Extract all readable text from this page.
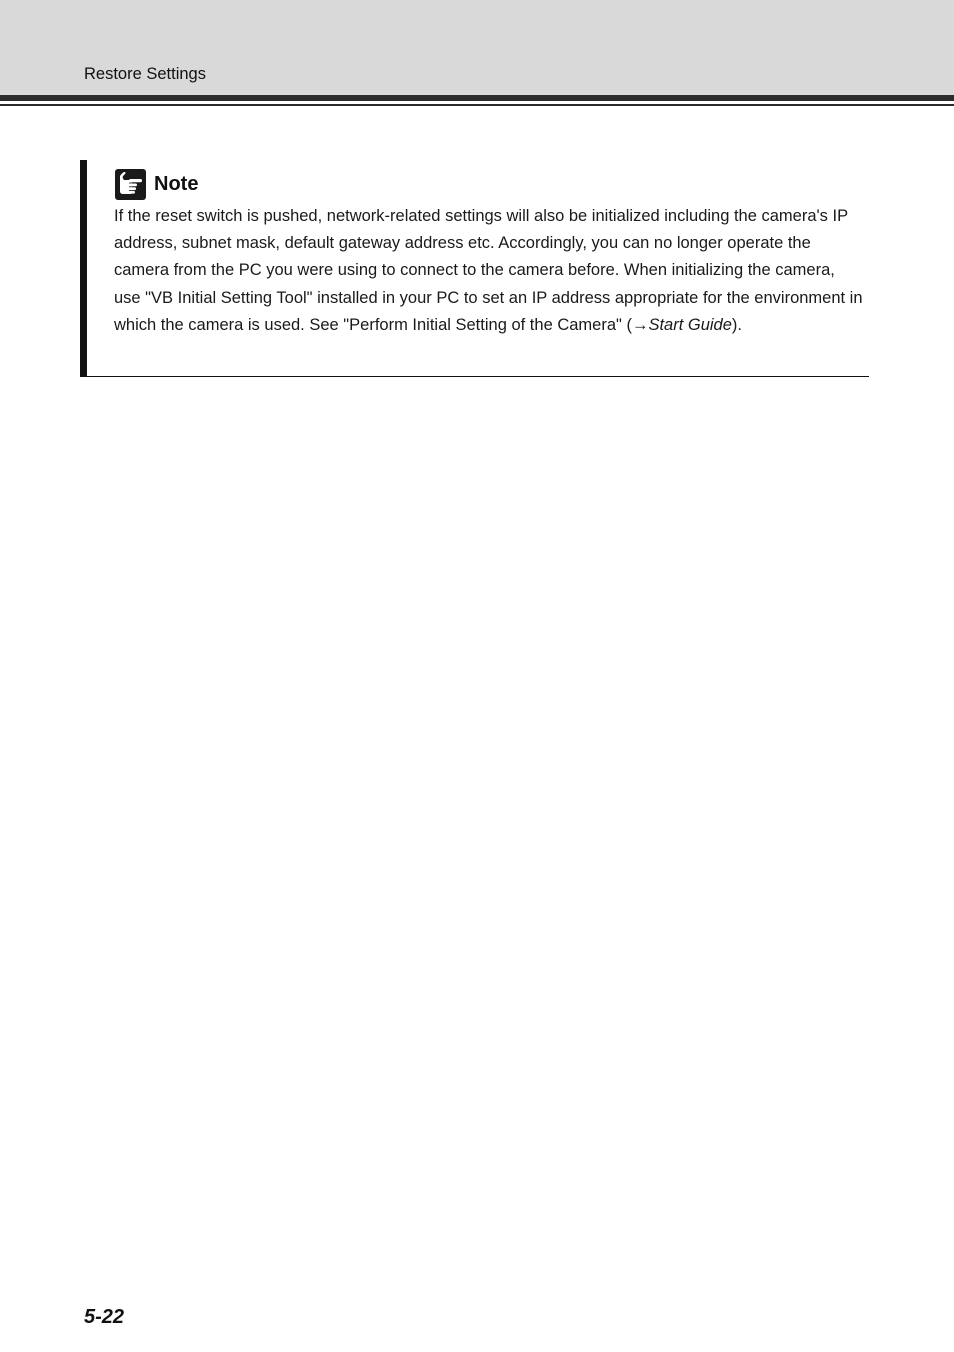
Restore Settings
Note

If the reset switch is pushed, network-related settings will also be initialized including the camera's IP address, subnet mask, default gateway address etc. Accordingly, you can no longer operate the camera from the PC you were using to connect to the camera before. When initializing the camera, use "VB Initial Setting Tool" installed in your PC to set an IP address appropriate for the environment in which the camera is used. See "Perform Initial Setting of the Camera" (→Start Guide).

5-22
